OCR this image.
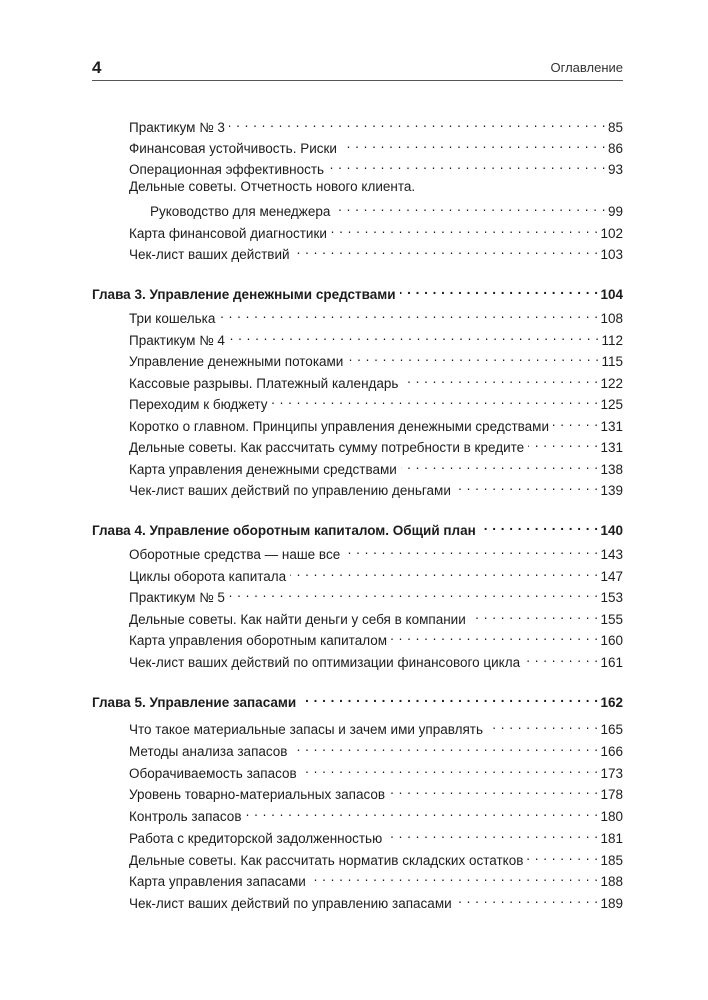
4	Оглавление
Практикум № 3 . . .	85
Финансовая устойчивость. Риски . . .	86
Операционная эффективность . . .	93
Дельные советы. Отчетность нового клиента.
Руководство для менеджера . . .	99
Карта финансовой диагностики . . .	102
Чек-лист ваших действий . . .	103
Глава 3. Управление денежными средствами . . .	104
Три кошелька . . .	108
Практикум № 4 . . .	112
Управление денежными потоками . . .	115
Кассовые разрывы. Платежный календарь . . .	122
Переходим к бюджету . . .	125
Коротко о главном. Принципы управления денежными средствами . . .	131
Дельные советы. Как рассчитать сумму потребности в кредите . . .	131
Карта управления денежными средствами . . .	138
Чек-лист ваших действий по управлению деньгами . . .	139
Глава 4. Управление оборотным капиталом. Общий план . . .	140
Оборотные средства — наше все . . .	143
Циклы оборота капитала . . .	147
Практикум № 5 . . .	153
Дельные советы. Как найти деньги у себя в компании . . .	155
Карта управления оборотным капиталом . . .	160
Чек-лист ваших действий по оптимизации финансового цикла . . .	161
Глава 5. Управление запасами . . .	162
Что такое материальные запасы и зачем ими управлять . . .	165
Методы анализа запасов . . .	166
Оборачиваемость запасов . . .	173
Уровень товарно-материальных запасов . . .	178
Контроль запасов . . .	180
Работа с кредиторской задолженностью . . .	181
Дельные советы. Как рассчитать норматив складских остатков . . .	185
Карта управления запасами . . .	188
Чек-лист ваших действий по управлению запасами . . .	189
